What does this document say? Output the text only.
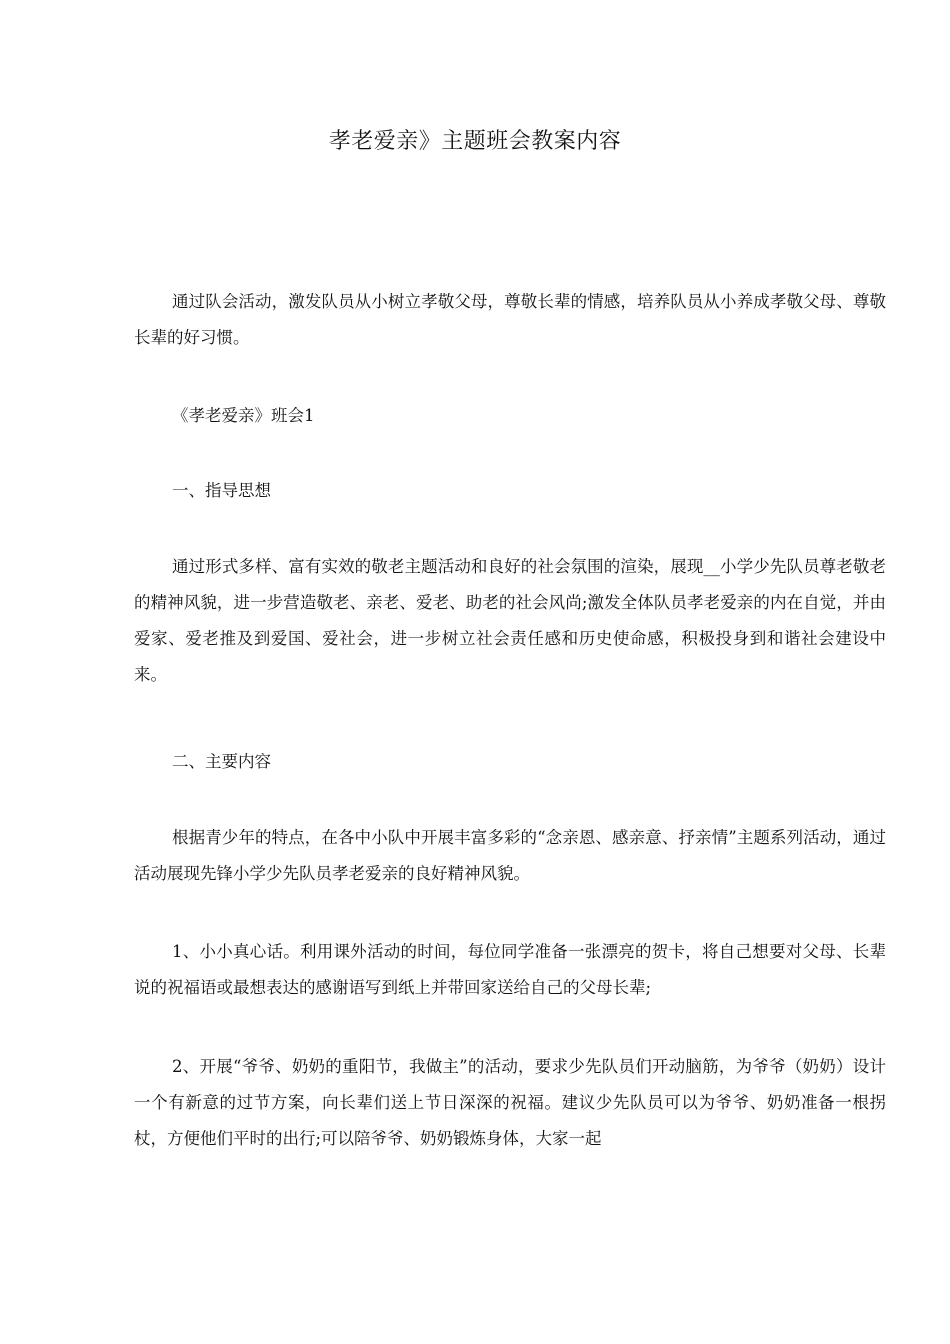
孝老爱亲》主题班会教案内容

通过队会活动，激发队员从小树立孝敬父母，尊敬长辈的情感，培养队员从小养成孝敬父母、尊敬长辈的好习惯。

《孝老爱亲》班会1

一、指导思想

通过形式多样、富有实效的敬老主题活动和良好的社会氛围的渲染，展现__小学少先队员尊老敬老的精神风貌，进一步营造敬老、亲老、爱老、助老的社会风尚;激发全体队员孝老爱亲的内在自觉，并由爱家、爱老推及到爱国、爱社会，进一步树立社会责任感和历史使命感，积极投身到和谐社会建设中来。

二、主要内容

根据青少年的特点，在各中小队中开展丰富多彩的“念亲恩、感亲意、抒亲情”主题系列活动，通过活动展现先锋小学少先队员孝老爱亲的良好精神风貌。

1、小小真心话。利用课外活动的时间，每位同学准备一张漂亮的贺卡，将自己想要对父母、长辈说的祝福语或最想表达的感谢语写到纸上并带回家送给自己的父母长辈;

2、开展“爷爷、奶奶的重阳节，我做主”的活动，要求少先队员们开动脑筋，为爷爷（奶奶）设计一个有新意的过节方案，向长辈们送上节日深深的祝福。建议少先队员可以为爷爷、奶奶准备一根拐杖，方便他们平时的出行;可以陪爷爷、奶奶锻炼身体，大家一起
